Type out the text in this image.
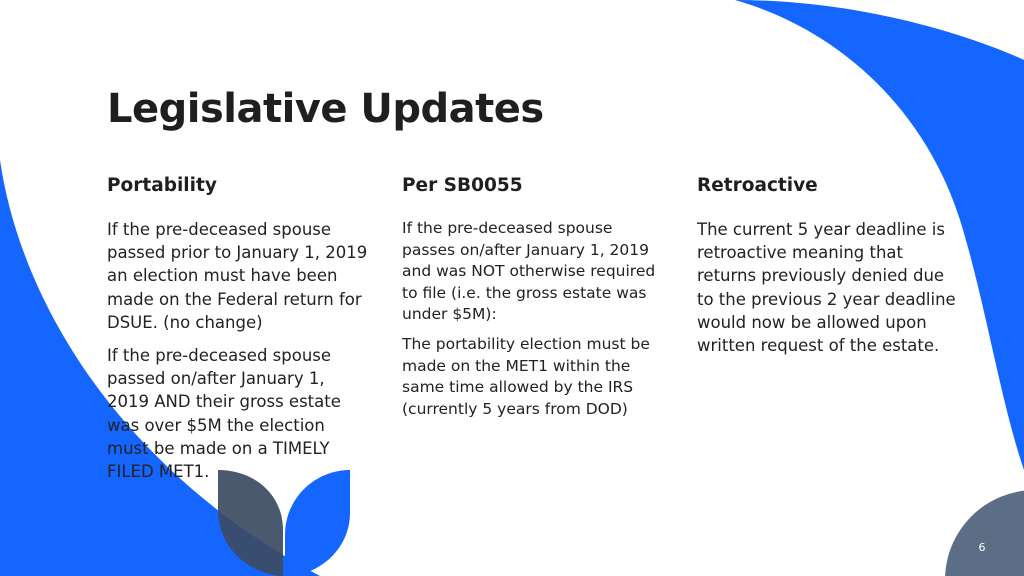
Legislative Updates
Portability

If the pre-deceased spouse passed prior to January 1, 2019 an election must have been made on the Federal return for DSUE. (no change)

If the pre-deceased spouse passed on/after January 1, 2019 AND their gross estate was over $5M the election must be made on a TIMELY FILED MET1.

Per SB0055

If the pre-deceased spouse passes on/after January 1, 2019 and was NOT otherwise required to file (i.e. the gross estate was under $5M):

The portability election must be made on the MET1 within the same time allowed by the IRS (currently 5 years from DOD)

Retroactive

The current 5 year deadline is retroactive meaning that returns previously denied due to the previous 2 year deadline would now be allowed upon written request of the estate.

6
